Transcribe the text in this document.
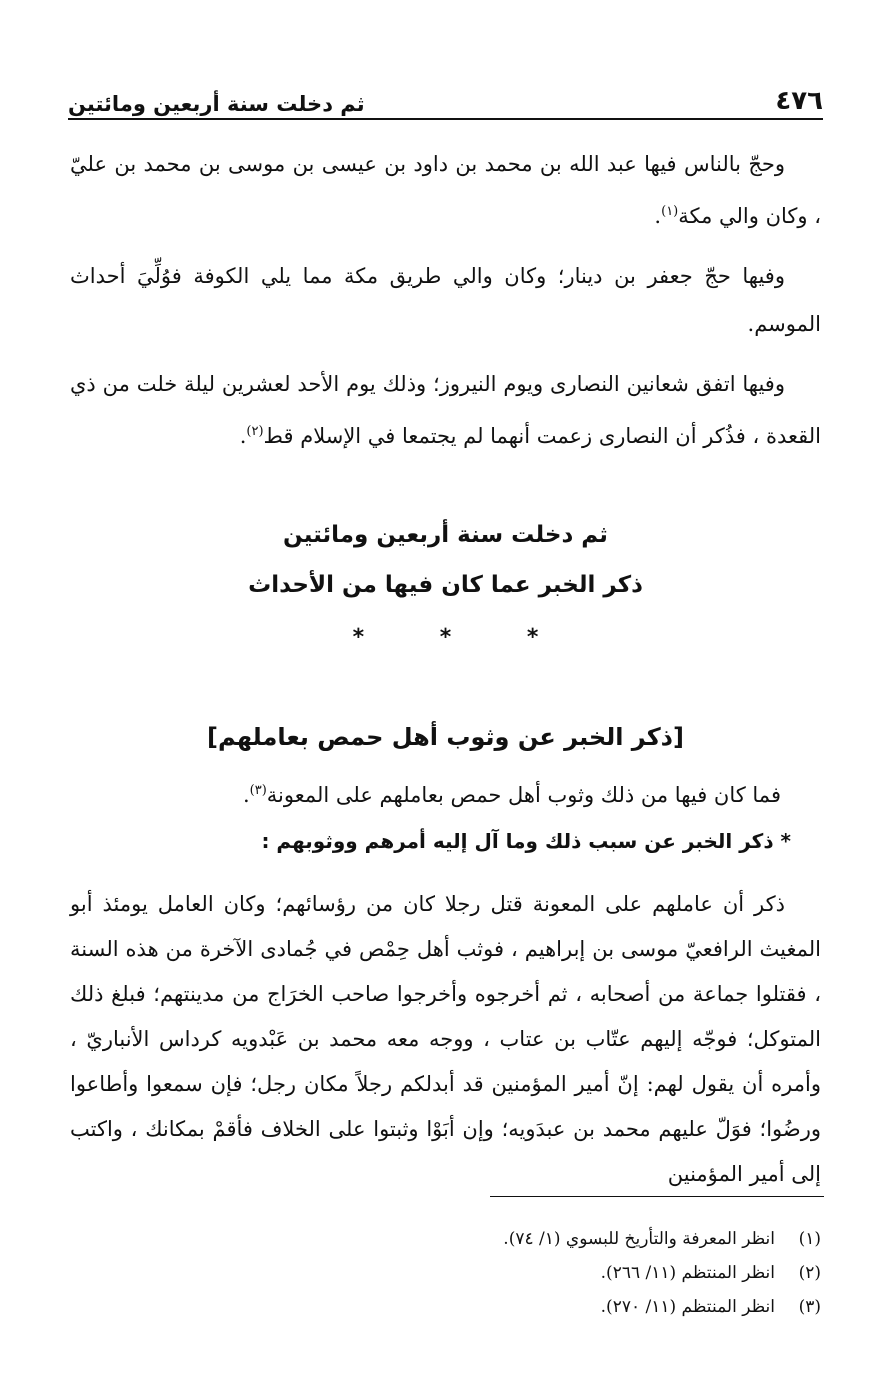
٤٧٦
ثم دخلت سنة أربعين ومائتين

وحجّ بالناس فيها عبد الله بن محمد بن داود بن عيسى بن موسى بن محمد بن عليّ ، وكان والي مكة$^{(١)}$.

وفيها حجّ جعفر بن دينار؛ وكان والي طريق مكة مما يلي الكوفة فوُلِّيَ أحداث الموسم.

وفيها اتفق شعانين النصارى ويوم النيروز؛ وذلك يوم الأحد لعشرين ليلة خلت من ذي القعدة ، فذُكر أن النصارى زعمت أنهما لم يجتمعا في الإسلام قط$^{(٢)}$.

ثم دخلت سنة أربعين ومائتين
ذكر الخبر عما كان فيها من الأحداث
* * *
[ذكر الخبر عن وثوب أهل حمص بعاملهم]

فما كان فيها من ذلك وثوب أهل حمص بعاملهم على المعونة$^{(٣)}$.

* ذكر الخبر عن سبب ذلك وما آل إليه أمرهم ووثوبهم :

ذكر أن عاملهم على المعونة قتل رجلا كان من رؤسائهم؛ وكان العامل يومئذ أبو المغيث الرافعيّ موسى بن إبراهيم ، فوثب أهل حِمْص في جُمادى الآخرة من هذه السنة ، فقتلوا جماعة من أصحابه ، ثم أخرجوه وأخرجوا صاحب الخرَاج من مدينتهم؛ فبلغ ذلك المتوكل؛ فوجّه إليهم عتّاب بن عتاب ، ووجه معه محمد بن عَبْدويه كرداس الأنباريّ ، وأمره أن يقول لهم: إنّ أمير المؤمنين قد أبدلكم رجلاً مكان رجل؛ فإن سمعوا وأطاعوا ورضُوا؛ فوَلّ عليهم محمد بن عبدَويه؛ وإن أبَوْا وثبتوا على الخلاف فأقمْ بمكانك ، واكتب إلى أمير المؤمنين

(١)
انظر المعرفة والتأريخ للبسوي (١/ ٧٤).
(٢)
انظر المنتظم (١١/ ٢٦٦).
(٣)
انظر المنتظم (١١/ ٢٧٠).
